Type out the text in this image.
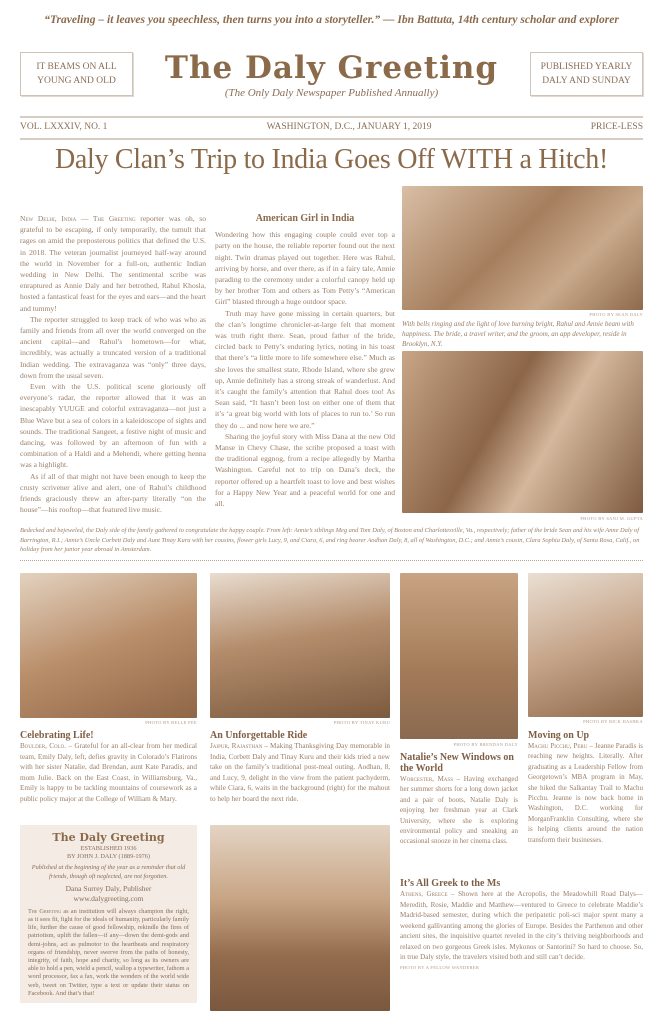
“Traveling – it leaves you speechless, then turns you into a storyteller.” — Ibn Battuta, 14th century scholar and explorer
IT BEAMS ON ALL
YOUNG AND OLD	The Daly Greeting
(The Only Daly Newspaper Published Annually)
PUBLISHED YEARLY
DALY AND SUNDAY
VOL. LXXXIV, NO. 1	WASHINGTON, D.C., JANUARY 1, 2019	PRICE-LESS
Daly Clan’s Trip to India Goes Off WITH a Hitch!

New Delhi, India — The Greeting reporter was oh, so grateful to be escaping, if only temporarily, the tumult that rages on amid the preposterous politics that defined the U.S. in 2018. The veteran journalist journeyed half-way around the world in November for a full-on, authentic Indian wedding in New Delhi. The sentimental scribe was enraptured as Annie Daly and her betrothed, Rahul Khosla, hosted a fantastical feast for the eyes and ears—and the heart and tummy!

The reporter struggled to keep track of who was who as family and friends from all over the world converged on the ancient capital—and Rahul’s hometown—for what, incredibly, was actually a truncated version of a traditional Indian wedding. The extravaganza was “only” three days, down from the usual seven.

Even with the U.S. political scene gloriously off everyone’s radar, the reporter allowed that it was an inescapably YUUGE and colorful extravaganza—not just a Blue Wave but a sea of colors in a kaleidoscope of sights and sounds. The traditional Sangeet, a festive night of music and dancing, was followed by an afternoon of fun with a combination of a Haldi and a Mehendi, where getting henna was a highlight.

As if all of that might not have been enough to keep the crusty scrivener alive and alert, one of Rahul’s childhood friends graciously threw an after-party literally “on the house”—his rooftop—that featured live music.

American Girl in India

Wondering how this engaging couple could ever top a party on the house, the reliable reporter found out the next night. Twin dramas played out together. Here was Rahul, arriving by horse, and over there, as if in a fairy tale, Annie parading to the ceremony under a colorful canopy held up by her brother Tom and others as Tom Petty’s “American Girl” blasted through a huge outdoor space.

Truth may have gone missing in certain quarters, but the clan’s longtime chronicler-at-large felt that moment was truth right there. Sean, proud father of the bride, circled back to Petty’s enduring lyrics, noting in his toast that there’s “a little more to life somewhere else.” Much as she loves the smallest state, Rhode Island, where she grew up, Annie definitely has a strong streak of wanderlust. And it’s caught the family’s attention that Rahul does too! As Sean said, “It hasn’t been lost on either one of them that it’s ‘a great big world with lots of places to run to.’ So run they do ... and now here we are.”

Sharing the joyful story with Miss Dana at the new Old Manse in Chevy Chase, the scribe proposed a toast with the traditional eggnog, from a recipe allegedly by Martha Washington. Careful not to trip on Dana’s deck, the reporter offered up a heartfelt toast to love and best wishes for a Happy New Year and a peaceful world for one and all.

PHOTO BY SEAN DALY
With bells ringing and the light of love burning bright, Rahul and Annie beam with happiness. The bride, a travel writer, and the groom, an app developer, reside in Brooklyn, N.Y.
PHOTO BY SANJ M. GUPTA
Bedecked and bejeweled, the Daly side of the family gathered to congratulate the happy couple. From left: Annie’s siblings Meg and Tom Daly, of Boston and Charlottesville, Va., respectively; father of the bride Sean and his wife Anne Daly of Barrington, R.I.; Annie’s Uncle Corbett Daly and Aunt Tinay Kuru with her cousins, flower girls Lucy, 9, and Ciara, 6, and ring bearer Aodhan Daly, 8, all of Washington, D.C.; and Annie’s cousin, Clara Sophia Daly, of Santa Rosa, Calif., on holiday from her junior year abroad in Amsterdam.
PHOTO BY BELLE FEE
Celebrating Life!
Boulder, Colo. – Grateful for an all-clear from her medical team, Emily Daly, left, defies gravity in Colorado’s Flatirons with her sister Natalie, dad Brendan, aunt Kate Paradis, and mom Julie. Back on the East Coast, in Williamsburg, Va., Emily is happy to be tackling mountains of coursework as a public policy major at the College of William & Mary.
PHOTO BY TINAY KURU
An Unforgettable Ride
Jaipur, Rajasthan – Making Thanksgiving Day memorable in India, Corbett Daly and Tinay Kuru and their kids tried a new take on the family’s traditional post-meal outing. Aodhan, 8, and Lucy, 9, delight in the view from the patient pachyderm, while Ciara, 6, waits in the background (right) for the mahout to help her board the next ride.
PHOTO BY BRENDAN DALY
Natalie’s New Windows on the World
Worcester, Mass – Having exchanged her summer shorts for a long down jacket and a pair of boots, Natalie Daly is enjoying her freshman year at Clark University, where she is exploring environmental policy and sneaking an occasional snooze in her cinema class.
PHOTO BY RICK DASHKA
Moving on Up
Machu Picchu, Peru – Jeanne Paradis is reaching new heights. Literally. After graduating as a Leadership Fellow from Georgetown’s MBA program in May, she hiked the Salkantay Trail to Machu Picchu. Jeanne is now back home in Washington, D.C. working for MorganFranklin Consulting, where she is helping clients around the nation transform their businesses.
The Daly Greeting
ESTABLISHED 1936
BY JOHN J. DALY (1889-1976)
Published at the beginning of the year as a reminder that old friends, though oft neglected, are not forgotten.
Dana Surrey Daly, Publisher
www.dalygreeting.com
The Greeting as an institution will always champion the right, as it sees fit, fight for the ideals of humanity, particularly family life, further the cause of good fellowship, rekindle the fires of patriotism, uplift the fallen—if any—down the demi-gods and demi-johns, act as pulmotor to the heartbeats and respiratory organs of friendship, never swerve from the paths of honesty, integrity, of faith, hope and charity, so long as its owners are able to hold a pen, wield a pencil, wallop a typewriter, fathom a word processor, fax a fax, work the wonders of the world wide web, tweet on Twitter, type a text or update their status on Facebook. And that’s that!
It’s All Greek to the Ms
Athens, Greece – Shown here at the Acropolis, the Meadowhill Road Dalys—Meredith, Rosie, Maddie and Matthew—ventured to Greece to celebrate Maddie’s Madrid-based semester, during which the peripatetic poli-sci major spent many a weekend gallivanting among the glories of Europe. Besides the Parthenon and other ancient sites, the inquisitive quartet reveled in the city’s thriving neighborhoods and relaxed on two gorgeous Greek isles. Mykonos or Santorini? So hard to choose. So, in true Daly style, the travelers visited both and still can’t decide.
PHOTO BY A FELLOW WANDERER
